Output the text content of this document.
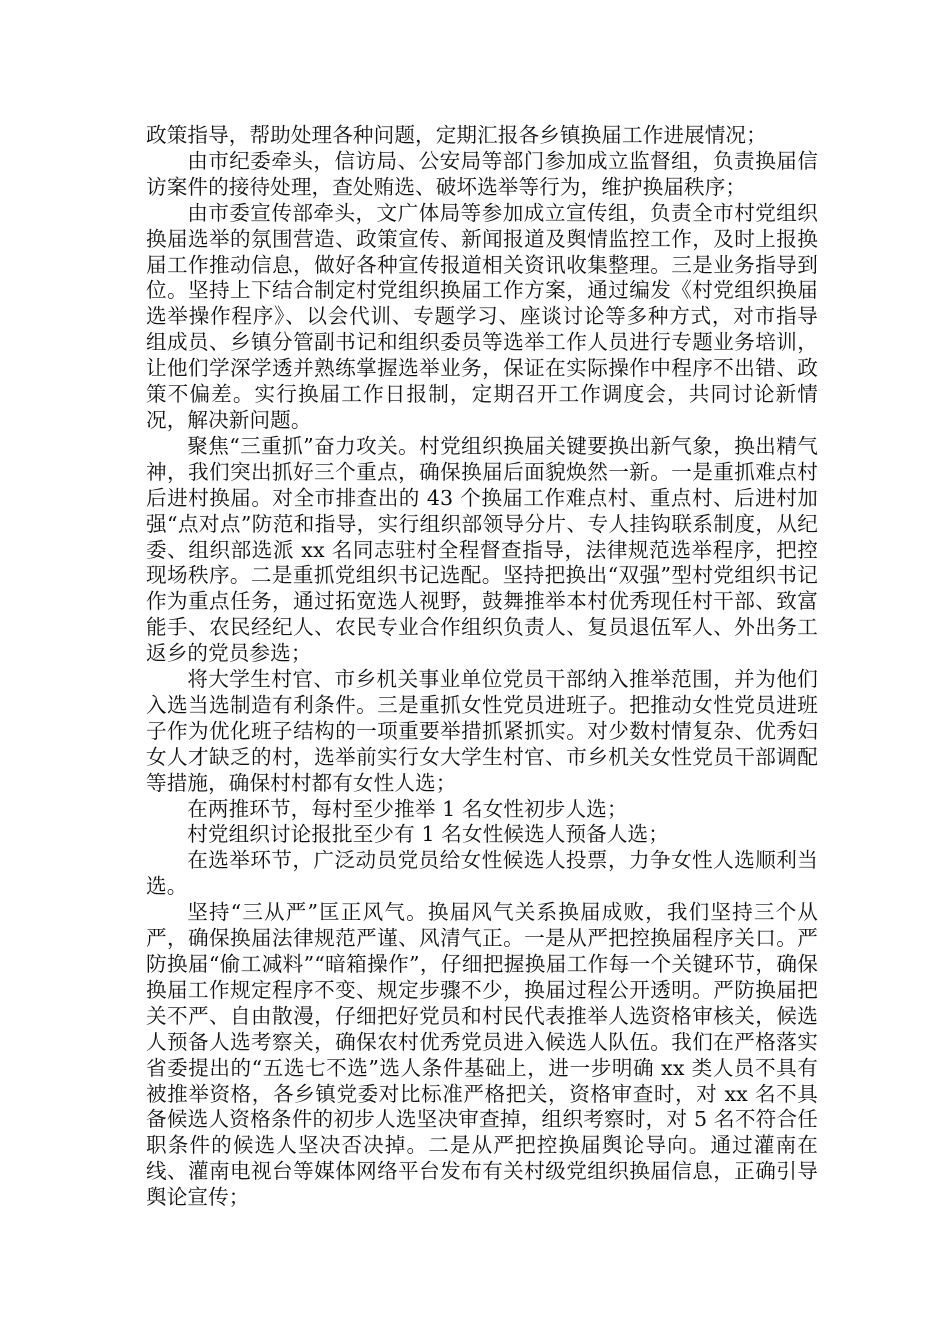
政策指导，帮助处理各种问题，定期汇报各乡镇换届工作进展情况；

由市纪委牵头，信访局、公安局等部门参加成立监督组，负责换届信访案件的接待处理，查处贿选、破坏选举等行为，维护换届秩序；

由市委宣传部牵头，文广体局等参加成立宣传组，负责全市村党组织换届选举的氛围营造、政策宣传、新闻报道及舆情监控工作，及时上报换届工作推动信息，做好各种宣传报道相关资讯收集整理。三是业务指导到位。坚持上下结合制定村党组织换届工作方案，通过编发《村党组织换届选举操作程序》、以会代训、专题学习、座谈讨论等多种方式，对市指导组成员、乡镇分管副书记和组织委员等选举工作人员进行专题业务培训，让他们学深学透并熟练掌握选举业务，保证在实际操作中程序不出错、政策不偏差。实行换届工作日报制，定期召开工作调度会，共同讨论新情况，解决新问题。

聚焦“三重抓”奋力攻关。村党组织换届关键要换出新气象，换出精气神，我们突出抓好三个重点，确保换届后面貌焕然一新。一是重抓难点村后进村换届。对全市排查出的 43 个换届工作难点村、重点村、后进村加强“点对点”防范和指导，实行组织部领导分片、专人挂钩联系制度，从纪委、组织部选派 xx 名同志驻村全程督查指导，法律规范选举程序，把控现场秩序。二是重抓党组织书记选配。坚持把换出“双强”型村党组织书记作为重点任务，通过拓宽选人视野，鼓舞推举本村优秀现任村干部、致富能手、农民经纪人、农民专业合作组织负责人、复员退伍军人、外出务工返乡的党员参选；

将大学生村官、市乡机关事业单位党员干部纳入推举范围，并为他们入选当选制造有利条件。三是重抓女性党员进班子。把推动女性党员进班子作为优化班子结构的一项重要举措抓紧抓实。对少数村情复杂、优秀妇女人才缺乏的村，选举前实行女大学生村官、市乡机关女性党员干部调配等措施，确保村村都有女性人选；

在两推环节，每村至少推举 1 名女性初步人选；

村党组织讨论报批至少有 1 名女性候选人预备人选；

在选举环节，广泛动员党员给女性候选人投票，力争女性人选顺利当选。

坚持“三从严”匡正风气。换届风气关系换届成败，我们坚持三个从严，确保换届法律规范严谨、风清气正。一是从严把控换届程序关口。严防换届“偷工减料”“暗箱操作”，仔细把握换届工作每一个关键环节，确保换届工作规定程序不变、规定步骤不少，换届过程公开透明。严防换届把关不严、自由散漫，仔细把好党员和村民代表推举人选资格审核关，候选人预备人选考察关，确保农村优秀党员进入候选人队伍。我们在严格落实省委提出的“五选七不选”选人条件基础上，进一步明确 xx 类人员不具有被推举资格，各乡镇党委对比标准严格把关，资格审查时，对 xx 名不具备候选人资格条件的初步人选坚决审查掉，组织考察时，对 5 名不符合任职条件的候选人坚决否决掉。二是从严把控换届舆论导向。通过灌南在线、灌南电视台等媒体网络平台发布有关村级党组织换届信息，正确引导舆论宣传；
